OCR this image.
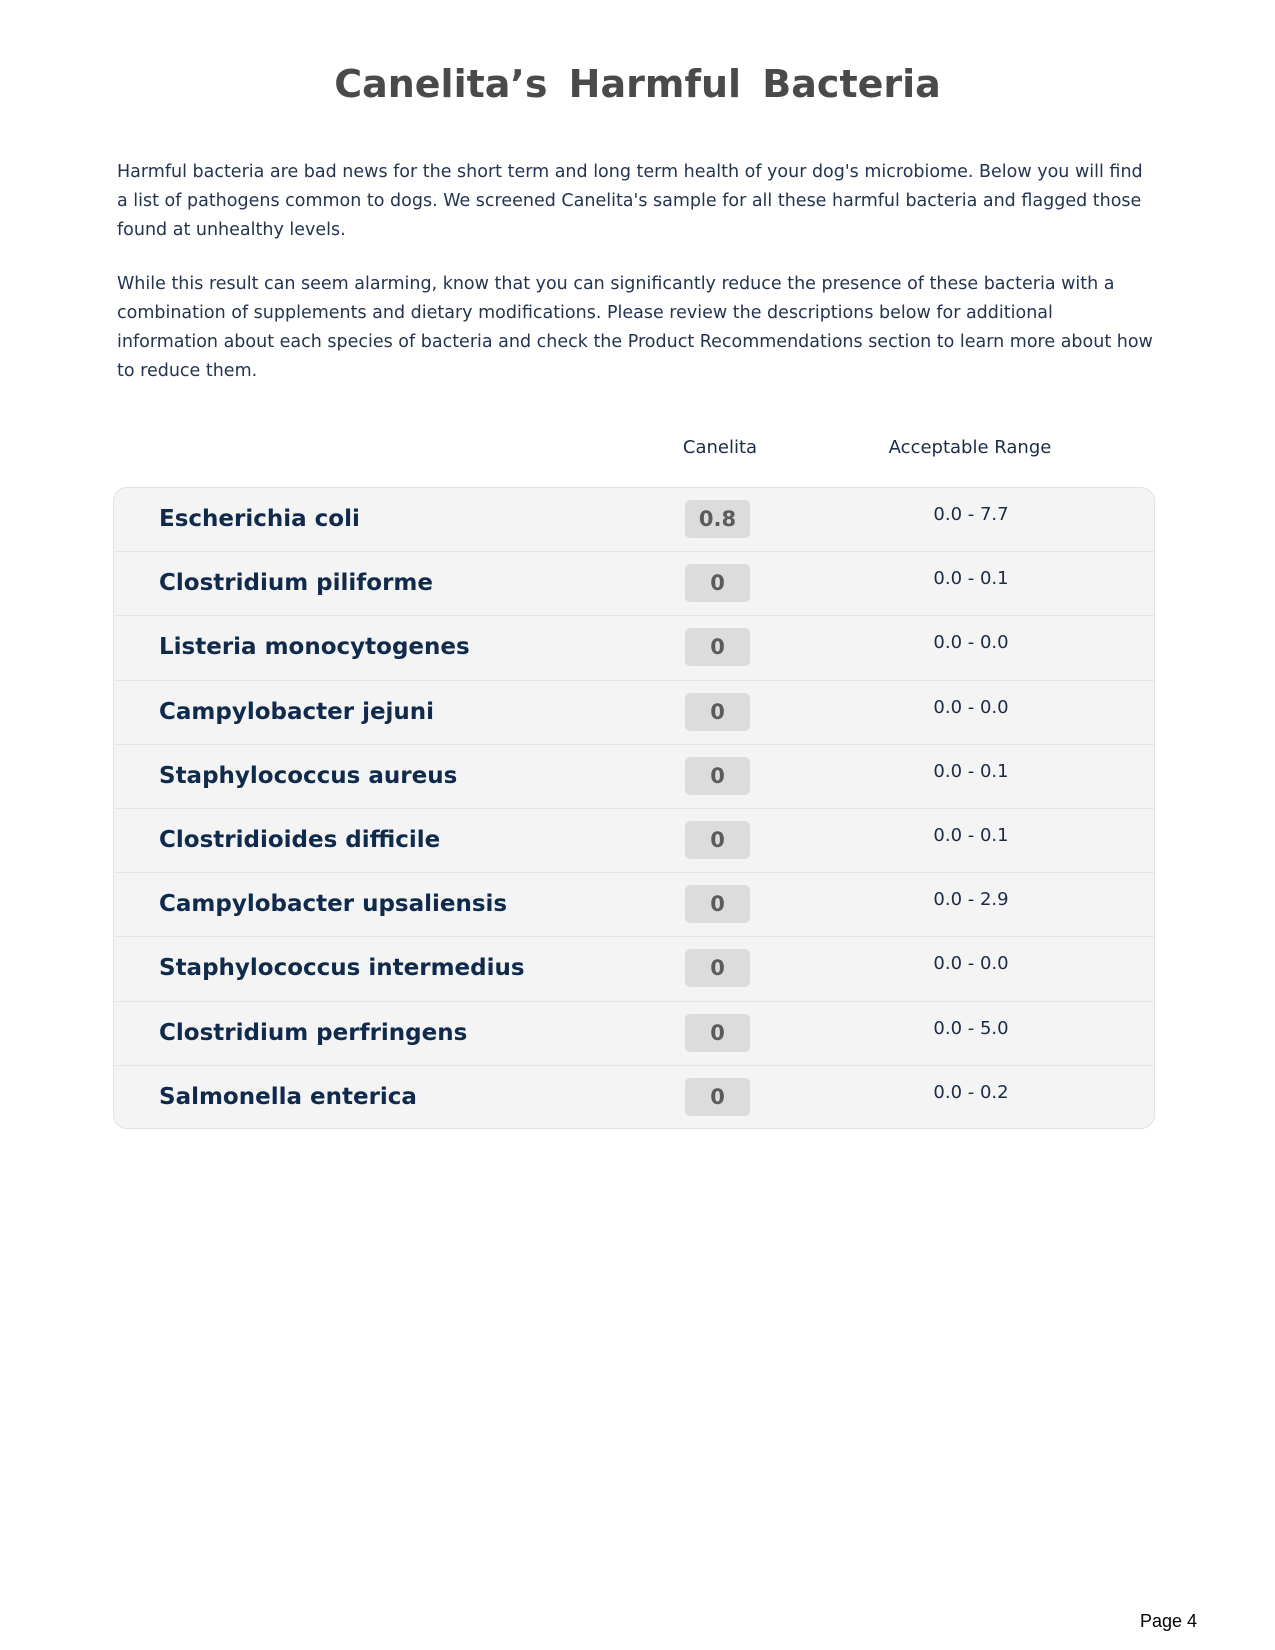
Canelita’s Harmful Bacteria

Harmful bacteria are bad news for the short term and long term health of your dog's microbiome. Below you will find a list of pathogens common to dogs. We screened Canelita's sample for all these harmful bacteria and flagged those found at unhealthy levels.

While this result can seem alarming, know that you can significantly reduce the presence of these bacteria with a combination of supplements and dietary modifications. Please review the descriptions below for additional information about each species of bacteria and check the Product Recommendations section to learn more about how to reduce them.

Canelita	Acceptable Range
Escherichia coli	0.8	0.0 - 7.7
Clostridium piliforme	0	0.0 - 0.1
Listeria monocytogenes	0	0.0 - 0.0
Campylobacter jejuni	0	0.0 - 0.0
Staphylococcus aureus	0	0.0 - 0.1
Clostridioides difficile	0	0.0 - 0.1
Campylobacter upsaliensis	0	0.0 - 2.9
Staphylococcus intermedius	0	0.0 - 0.0
Clostridium perfringens	0	0.0 - 5.0
Salmonella enterica	0	0.0 - 0.2
Page 4
